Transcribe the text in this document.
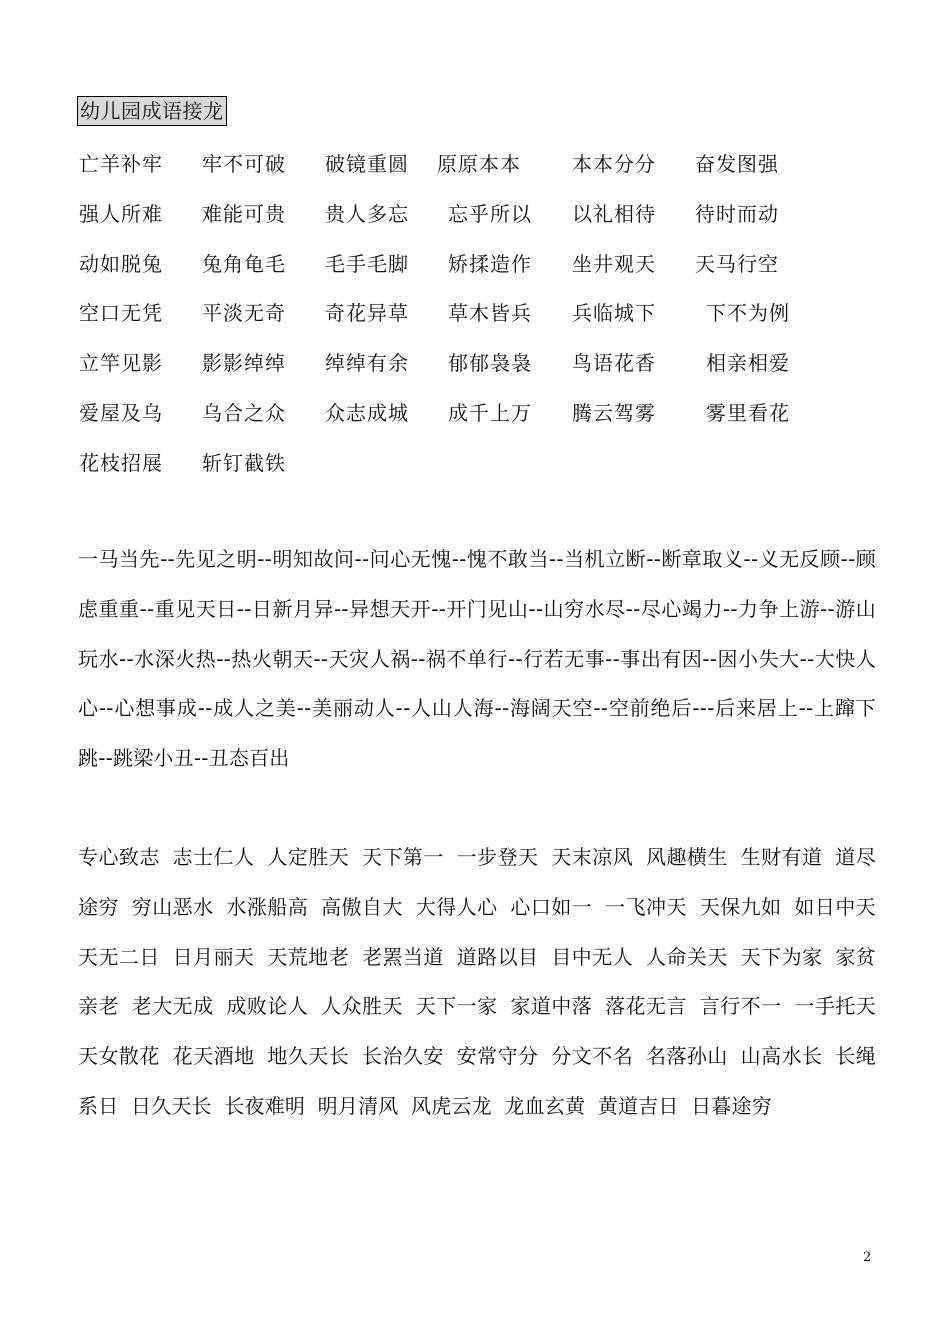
幼儿园成语接龙
亡羊补牢 牢不可破 破镜重圆 原原本本	本本分分 奋发图强
强人所难 难能可贵 贵人多忘 忘乎所以 以礼相待 待时而动
动如脱兔 兔角龟毛 毛手毛脚 矫揉造作 坐井观天 天马行空
空口无凭 平淡无奇 奇花异草 草木皆兵 兵临城下	下不为例
立竿见影 影影绰绰 绰绰有余 郁郁袅袅 鸟语花香	相亲相爱
爱屋及乌 乌合之众 众志成城 成千上万 腾云驾雾	雾里看花
花枝招展 斩钉截铁
一马当先--先见之明--明知故问--问心无愧--愧不敢当--当机立断--断章取义--义无反顾--顾虑重重--重见天日--日新月异--异想天开--开门见山--山穷水尽--尽心竭力--力争上游--游山玩水--水深火热--热火朝天--天灾人祸--祸不单行--行若无事--事出有因--因小失大--大快人心--心想事成--成人之美--美丽动人--人山人海--海阔天空--空前绝后---后来居上--上蹿下跳--跳梁小丑--丑态百出
专心致志 志士仁人 人定胜天 天下第一 一步登天 天末凉风 风趣横生 生财有道 道尽途穷 穷山恶水 水涨船高 高傲自大 大得人心 心口如一 一飞冲天 天保九如 如日中天 天无二日 日月丽天 天荒地老 老罴当道 道路以目 目中无人 人命关天 天下为家 家贫亲老 老大无成 成败论人 人众胜天 天下一家 家道中落 落花无言 言行不一 一手托天 天女散花 花天酒地 地久天长 长治久安 安常守分 分文不名 名落孙山 山高水长 长绳系日 日久天长 长夜难明 明月清风 风虎云龙 龙血玄黄 黄道吉日 日暮途穷
2
